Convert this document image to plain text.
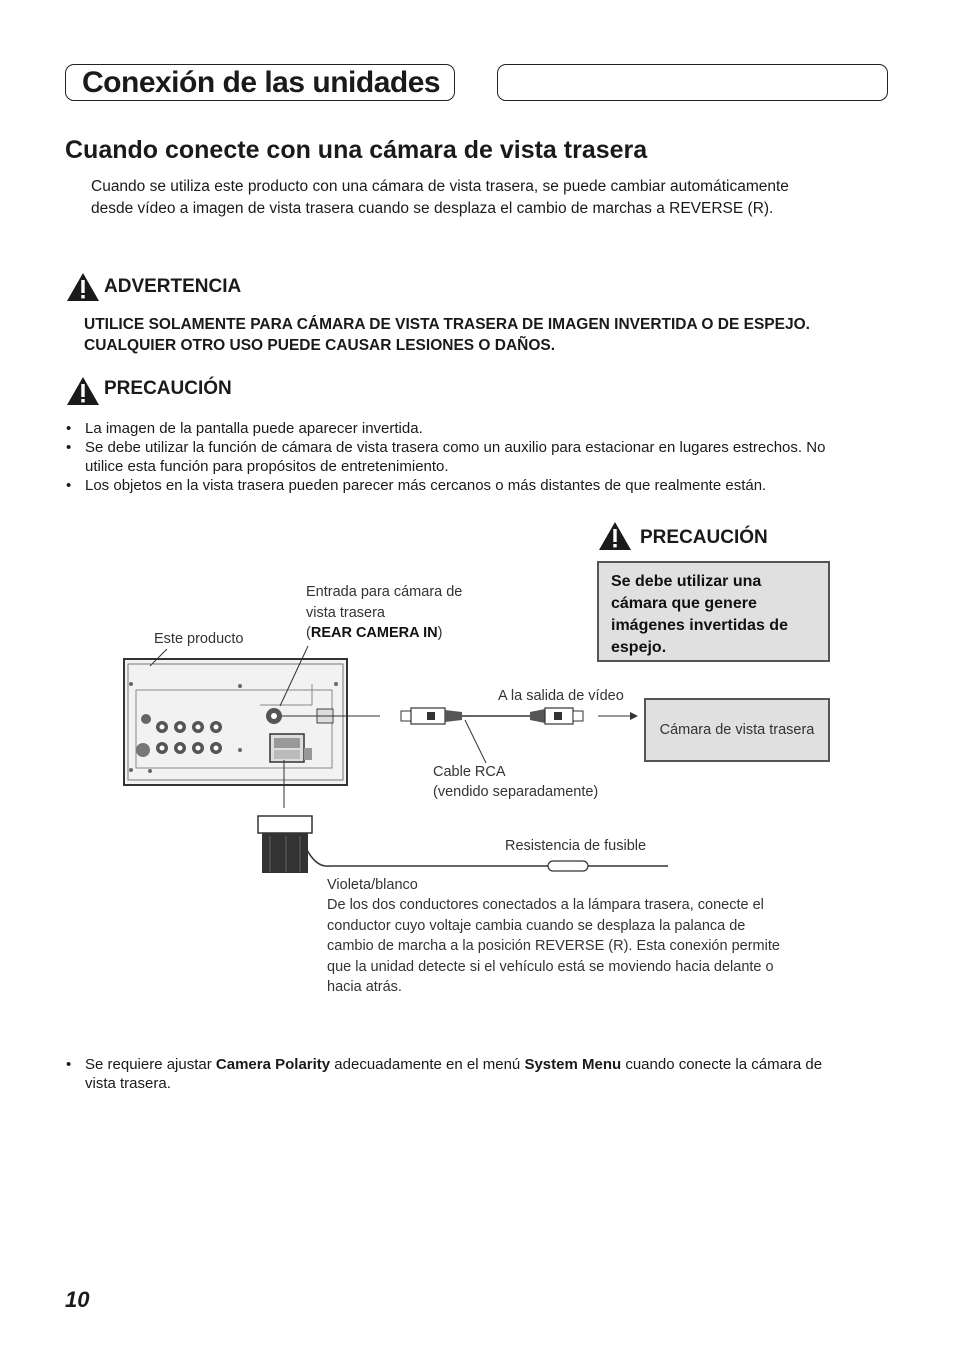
Conexión de las unidades
Cuando conecte con una cámara de vista trasera
Cuando se utiliza este producto con una cámara de vista trasera, se puede cambiar automáticamente desde vídeo a imagen de vista trasera cuando se desplaza el cambio de marchas a REVERSE (R).
ADVERTENCIA
UTILICE SOLAMENTE PARA CÁMARA DE VISTA TRASERA DE IMAGEN INVERTIDA O DE ESPEJO. CUALQUIER OTRO USO PUEDE CAUSAR LESIONES O DAÑOS.
PRECAUCIÓN
• La imagen de la pantalla puede aparecer invertida.
• Se debe utilizar la función de cámara de vista trasera como un auxilio para estacionar en lugares estrechos. No utilice esta función para propósitos de entretenimiento.
• Los objetos en la vista trasera pueden parecer más cercanos o más distantes de que realmente están.
PRECAUCIÓN
Se debe utilizar una cámara que genere imágenes invertidas de espejo.
Este producto
Entrada para cámara de
vista trasera
(REAR CAMERA IN)
A la salida de vídeo
Cámara de vista trasera
Cable RCA
(vendido separadamente)
Resistencia de fusible
Violeta/blanco
De los dos conductores conectados a la lámpara trasera, conecte el conductor cuyo voltaje cambia cuando se desplaza la palanca de cambio de marcha a la posición REVERSE (R). Esta conexión permite que la unidad detecte si el vehículo está se moviendo hacia delante o hacia atrás.
• Se requiere ajustar Camera Polarity adecuadamente en el menú System Menu cuando conecte la cámara de vista trasera.
10
